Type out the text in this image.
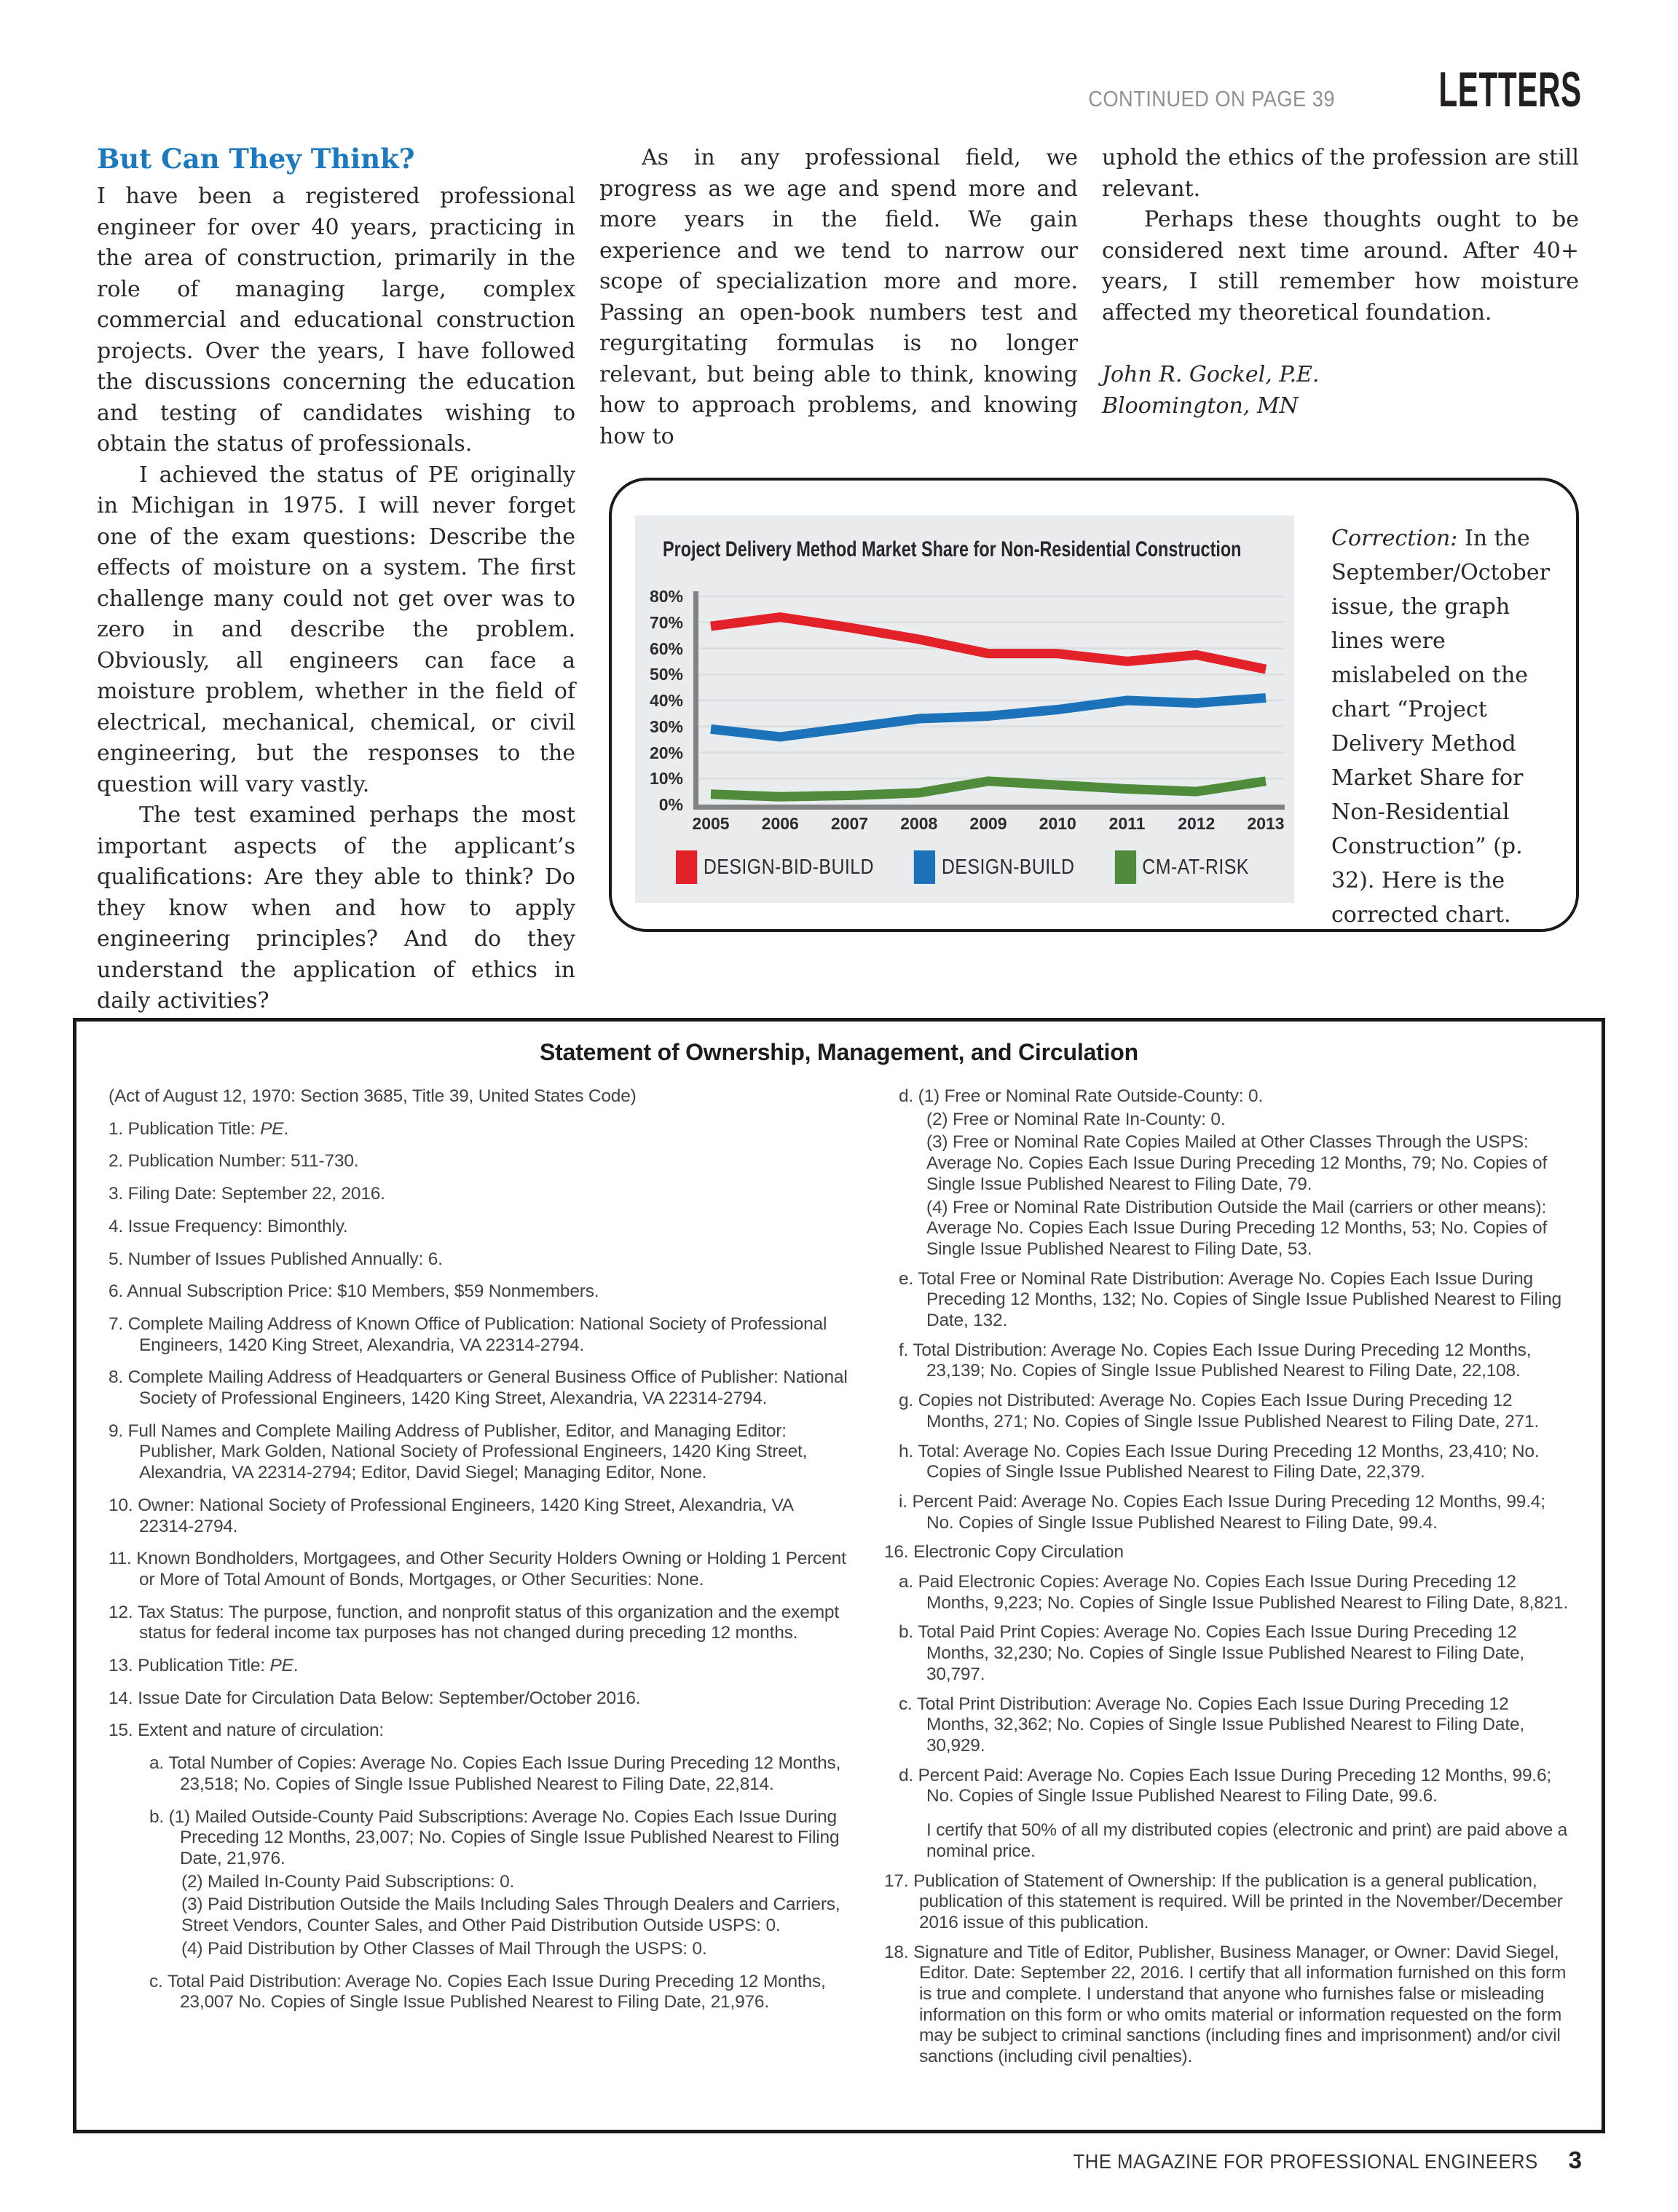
CONTINUED ON PAGE 39 LETTERS
But Can They Think?

I have been a registered professional engineer for over 40 years, practicing in the area of construction, primarily in the role of managing large, complex commercial and educational construction projects. Over the years, I have followed the discussions concerning the education and testing of candidates wishing to obtain the status of professionals.

I achieved the status of PE originally in Michigan in 1975. I will never forget one of the exam questions: Describe the effects of moisture on a system. The first challenge many could not get over was to zero in and describe the problem. Obviously, all engineers can face a moisture problem, whether in the field of electrical, mechanical, chemical, or civil engineering, but the responses to the question will vary vastly.

The test examined perhaps the most important aspects of the applicant’s qualifications: Are they able to think? Do they know when and how to apply engineering principles? And do they understand the application of ethics in daily activities?

As in any professional field, we progress as we age and spend more and more years in the field. We gain experience and we tend to narrow our scope of specialization more and more. Passing an open-book numbers test and regurgitating formulas is no longer relevant, but being able to think, knowing how to approach problems, and knowing how to

uphold the ethics of the profession are still relevant.

Perhaps these thoughts ought to be considered next time around. After 40+ years, I still remember how moisture affected my theoretical foundation.

John R. Gockel, P.E.
Bloomington, MN
Project Delivery Method Market Share for Non-Residential Construction
0%
10%
20%
30%
40%
50%
60%
70%
80%
2005	2006	2007	2008	2009	2010	2011	2012	2013
DESIGN-BID-BUILD	DESIGN-BUILD	CM-AT-RISK
Correction: In the September/October issue, the graph lines were mislabeled on the chart “Project Delivery Method Market Share for Non-Residential Construction” (p. 32). Here is the corrected chart.
Statement of Ownership, Management, and Circulation
(Act of August 12, 1970: Section 3685, Title 39, United States Code)
1. Publication Title: PE.
2. Publication Number: 511-730.
3. Filing Date: September 22, 2016.
4. Issue Frequency: Bimonthly.
5. Number of Issues Published Annually: 6.
6. Annual Subscription Price: $10 Members, $59 Nonmembers.
7. Complete Mailing Address of Known Office of Publication: National Society of Professional Engineers, 1420 King Street, Alexandria, VA 22314-2794.
8. Complete Mailing Address of Headquarters or General Business Office of Publisher: National Society of Professional Engineers, 1420 King Street, Alexandria, VA 22314-2794.
9. Full Names and Complete Mailing Address of Publisher, Editor, and Managing Editor: Publisher, Mark Golden, National Society of Professional Engineers, 1420 King Street, Alexandria, VA 22314-2794; Editor, David Siegel; Managing Editor, None.
10. Owner: National Society of Professional Engineers, 1420 King Street, Alexandria, VA 22314-2794.
11. Known Bondholders, Mortgagees, and Other Security Holders Owning or Holding 1 Percent or More of Total Amount of Bonds, Mortgages, or Other Securities: None.
12. Tax Status: The purpose, function, and nonprofit status of this organization and the exempt status for federal income tax purposes has not changed during preceding 12 months.
13. Publication Title: PE.
14. Issue Date for Circulation Data Below: September/October 2016.
15. Extent and nature of circulation:
a. Total Number of Copies: Average No. Copies Each Issue During Preceding 12 Months, 23,518; No. Copies of Single Issue Published Nearest to Filing Date, 22,814.
b. (1) Mailed Outside-County Paid Subscriptions: Average No. Copies Each Issue During Preceding 12 Months, 23,007; No. Copies of Single Issue Published Nearest to Filing Date, 21,976.
(2) Mailed In-County Paid Subscriptions: 0.
(3) Paid Distribution Outside the Mails Including Sales Through Dealers and Carriers, Street Vendors, Counter Sales, and Other Paid Distribution Outside USPS: 0.
(4) Paid Distribution by Other Classes of Mail Through the USPS: 0.
c. Total Paid Distribution: Average No. Copies Each Issue During Preceding 12 Months, 23,007 No. Copies of Single Issue Published Nearest to Filing Date, 21,976.
d. (1) Free or Nominal Rate Outside-County: 0.
(2) Free or Nominal Rate In-County: 0.
(3) Free or Nominal Rate Copies Mailed at Other Classes Through the USPS: Average No. Copies Each Issue During Preceding 12 Months, 79; No. Copies of Single Issue Published Nearest to Filing Date, 79.
(4) Free or Nominal Rate Distribution Outside the Mail (carriers or other means): Average No. Copies Each Issue During Preceding 12 Months, 53; No. Copies of Single Issue Published Nearest to Filing Date, 53.
e. Total Free or Nominal Rate Distribution: Average No. Copies Each Issue During Preceding 12 Months, 132; No. Copies of Single Issue Published Nearest to Filing Date, 132.
f. Total Distribution: Average No. Copies Each Issue During Preceding 12 Months, 23,139; No. Copies of Single Issue Published Nearest to Filing Date, 22,108.
g. Copies not Distributed: Average No. Copies Each Issue During Preceding 12 Months, 271; No. Copies of Single Issue Published Nearest to Filing Date, 271.
h. Total: Average No. Copies Each Issue During Preceding 12 Months, 23,410; No. Copies of Single Issue Published Nearest to Filing Date, 22,379.
i. Percent Paid: Average No. Copies Each Issue During Preceding 12 Months, 99.4; No. Copies of Single Issue Published Nearest to Filing Date, 99.4.
16. Electronic Copy Circulation
a. Paid Electronic Copies: Average No. Copies Each Issue During Preceding 12 Months, 9,223; No. Copies of Single Issue Published Nearest to Filing Date, 8,821.
b. Total Paid Print Copies: Average No. Copies Each Issue During Preceding 12 Months, 32,230; No. Copies of Single Issue Published Nearest to Filing Date, 30,797.
c. Total Print Distribution: Average No. Copies Each Issue During Preceding 12 Months, 32,362; No. Copies of Single Issue Published Nearest to Filing Date, 30,929.
d. Percent Paid: Average No. Copies Each Issue During Preceding 12 Months, 99.6; No. Copies of Single Issue Published Nearest to Filing Date, 99.6.
I certify that 50% of all my distributed copies (electronic and print) are paid above a nominal price.
17. Publication of Statement of Ownership: If the publication is a general publication, publication of this statement is required. Will be printed in the November/December 2016 issue of this publication.
18. Signature and Title of Editor, Publisher, Business Manager, or Owner: David Siegel, Editor. Date: September 22, 2016. I certify that all information furnished on this form is true and complete. I understand that anyone who furnishes false or misleading information on this form or who omits material or information requested on the form may be subject to criminal sanctions (including fines and imprisonment) and/or civil sanctions (including civil penalties).
THE MAGAZINE FOR PROFESSIONAL ENGINEERS 3
